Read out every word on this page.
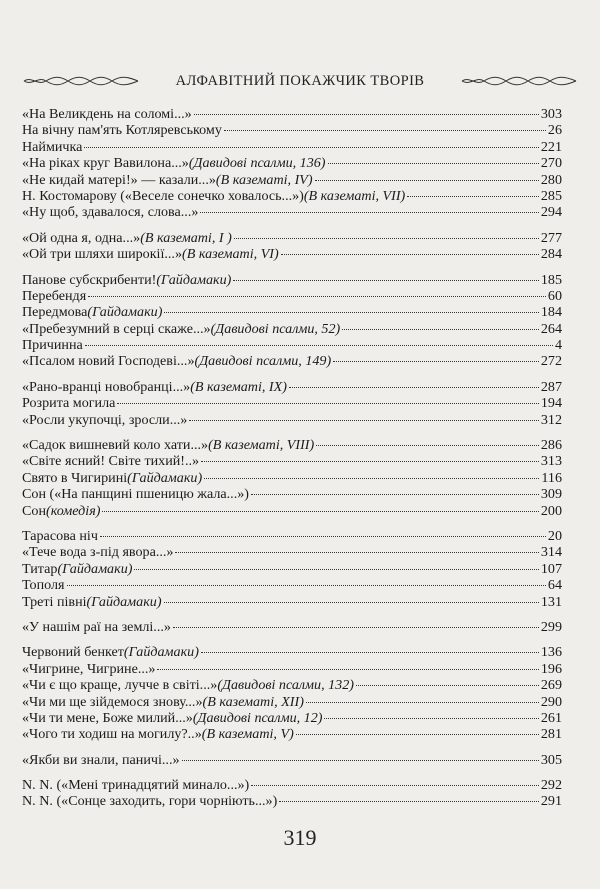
АЛФАВІТНИЙ ПОКАЖЧИК ТВОРІВ
«На Великдень на соломі...»	303
На вічну пам'ять Котляревському	26
Наймичка	221
«На ріках круг Вавилона...» (Давидові псалми, 136)	270
«Не кидай матері!» — казали...» (В казематі, IV)	280
Н. Костомарову («Веселе сонечко ховалось...») (В казематі, VII)	285
«Ну щоб, здавалося, слова...»	294
«Ой одна я, одна...» (В казематі, I )	277
«Ой три шляхи широкії...» (В казематі, VI)	284
Панове субскрибенти! (Гайдамаки)	185
Перебендя	60
Передмова (Гайдамаки)	184
«Пребезумний в серці скаже...» (Давидові псалми, 52)	264
Причинна	4
«Псалом новий Господеві...» (Давидові псалми, 149)	272
«Рано-вранці новобранці...» (В казематі, IX)	287
Розрита могила	194
«Росли укупочці, зросли...»	312
«Садок вишневий коло хати...» (В казематі, VIII)	286
«Світе ясний! Світе тихий!..»	313
Свято в Чигирині (Гайдамаки)	116
Сон («На панщині пшеницю жала...»)	309
Сон (комедія)	200
Тарасова ніч	20
«Тече вода з-під явора...»	314
Титар (Гайдамаки)	107
Тополя	64
Треті півні (Гайдамаки)	131
«У нашім раї на землі...»	299
Червоний бенкет (Гайдамаки)	136
«Чигрине, Чигрине...»	196
«Чи є що краще, лучче в світі...» (Давидові псалми, 132)	269
«Чи ми ще зійдемося знову...» (В казематі, XII)	290
«Чи ти мене, Боже милий...» (Давидові псалми, 12)	261
«Чого ти ходиш на могилу?..» (В казематі, V)	281
«Якби ви знали, паничі...»	305
N. N. («Мені тринадцятий минало...»)	292
N. N. («Сонце заходить, гори чорніють...»)	291
319
